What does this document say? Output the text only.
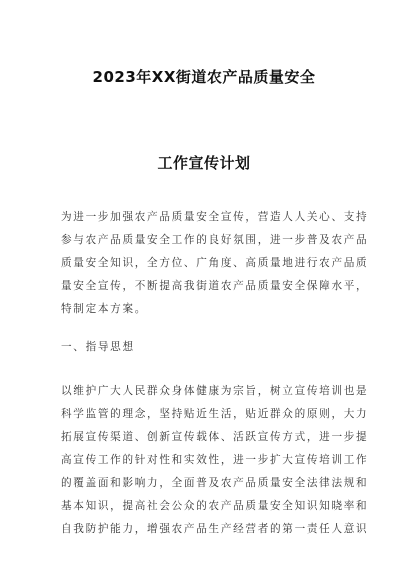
2023年XX街道农产品质量安全
工作宣传计划
为进一步加强农产品质量安全宣传，营造人人关心、支持
参与农产品质量安全工作的良好氛围，进一步普及农产品
质量安全知识，全方位、广角度、高质量地进行农产品质
量安全宣传，不断提高我街道农产品质量安全保障水平，
特制定本方案。
一、指导思想
以维护广大人民群众身体健康为宗旨，树立宣传培训也是
科学监管的理念，坚持贴近生活，贴近群众的原则，大力
拓展宣传渠道、创新宣传载体、活跃宣传方式，进一步提
高宣传工作的针对性和实效性，进一步扩大宣传培训工作
的覆盖面和影响力，全面普及农产品质量安全法律法规和
基本知识，提高社会公众的农产品质量安全知识知晓率和
自我防护能力，增强农产品生产经营者的第一责任人意识
